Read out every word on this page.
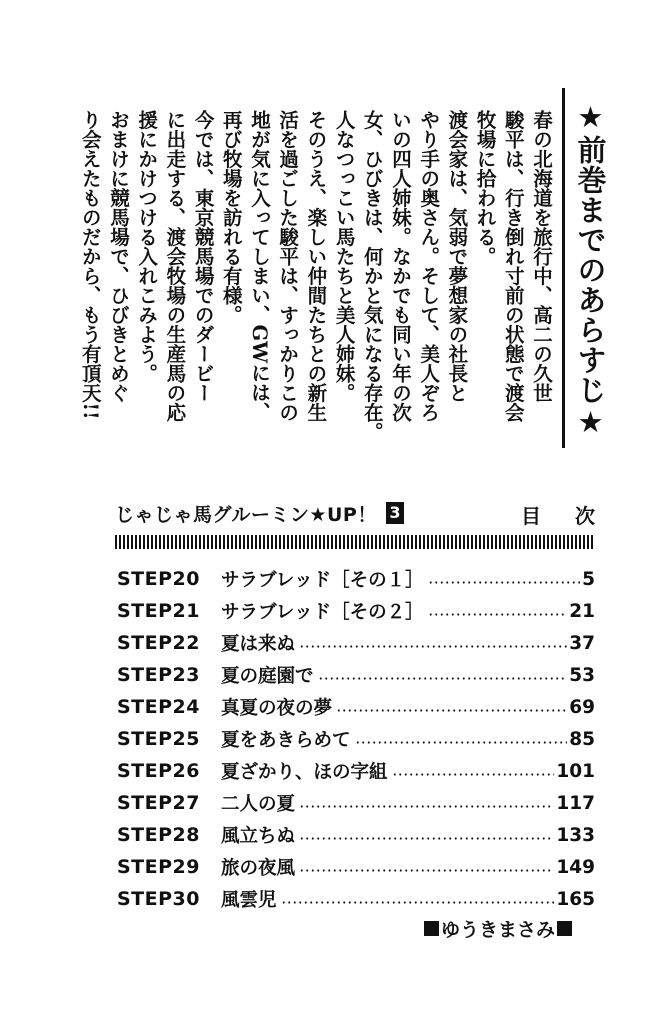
★前巻までのあらすじ★

春の北海道を旅行中、高二の久世

駿平は、行き倒れ寸前の状態で渡会

牧場に拾われる。

渡会家は、気弱で夢想家の社長と

やり手の奥さん。そして、美人ぞろ

いの四人姉妹。なかでも同い年の次

女、ひびきは、何かと気になる存在。

人なつっこい馬たちと美人姉妹。

そのうえ、楽しい仲間たちとの新生

活を過ごした駿平は、すっかりこの

地が気に入ってしまい、GWには、

再び牧場を訪れる有様。

今では、東京競馬場でのダービー

に出走する、渡会牧場の生産馬の応

援にかけつける入れこみよう。

おまけに競馬場で、ひびきとめぐ

り会えたものだから、もう有頂天!!

じゃじゃ馬グルーミン★UP！ 3	目次
STEP20	サラブレッド［その１］	5
STEP21	サラブレッド［その２］	21
STEP22	夏は来ぬ	37
STEP23	夏の庭園で	53
STEP24	真夏の夜の夢	69
STEP25	夏をあきらめて	85
STEP26	夏ざかり、ほの字組	101
STEP27	二人の夏	117
STEP28	風立ちぬ	133
STEP29	旅の夜風	149
STEP30	風雲児	165
ゆうきまさみ
